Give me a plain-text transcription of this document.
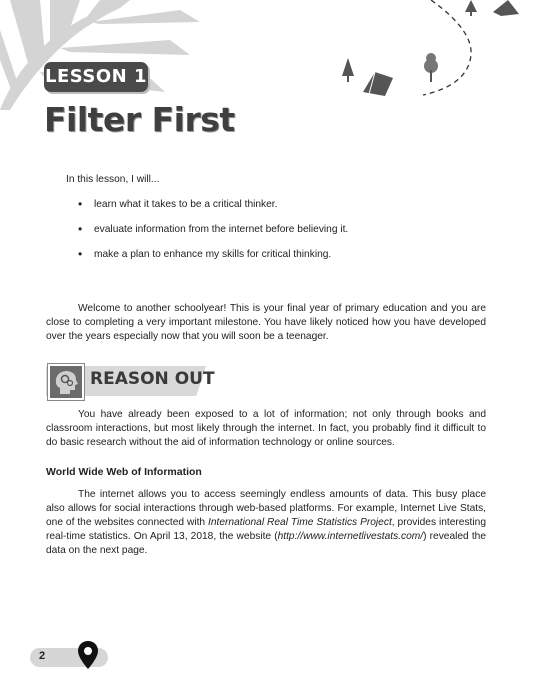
LESSON 1
Filter First
In this lesson, I will...
• learn what it takes to be a critical thinker.
• evaluate information from the internet before believing it.
• make a plan to enhance my skills for critical thinking.

Welcome to another schoolyear! This is your final year of primary education and you are close to completing a very important milestone. You have likely noticed how you have developed over the years especially now that you will soon be a teenager.

REASON OUT

You have already been exposed to a lot of information; not only through books and classroom interactions, but most likely through the internet. In fact, you probably find it difficult to do basic research without the aid of information technology or online sources.

World Wide Web of Information

The internet allows you to access seemingly endless amounts of data. This busy place also allows for social interactions through web-based platforms. For example, Internet Live Stats, one of the websites connected with International Real Time Statistics Project, provides interesting real-time statistics. On April 13, 2018, the website (http://www.internetlivestats.com/) revealed the data on the next page.

2
